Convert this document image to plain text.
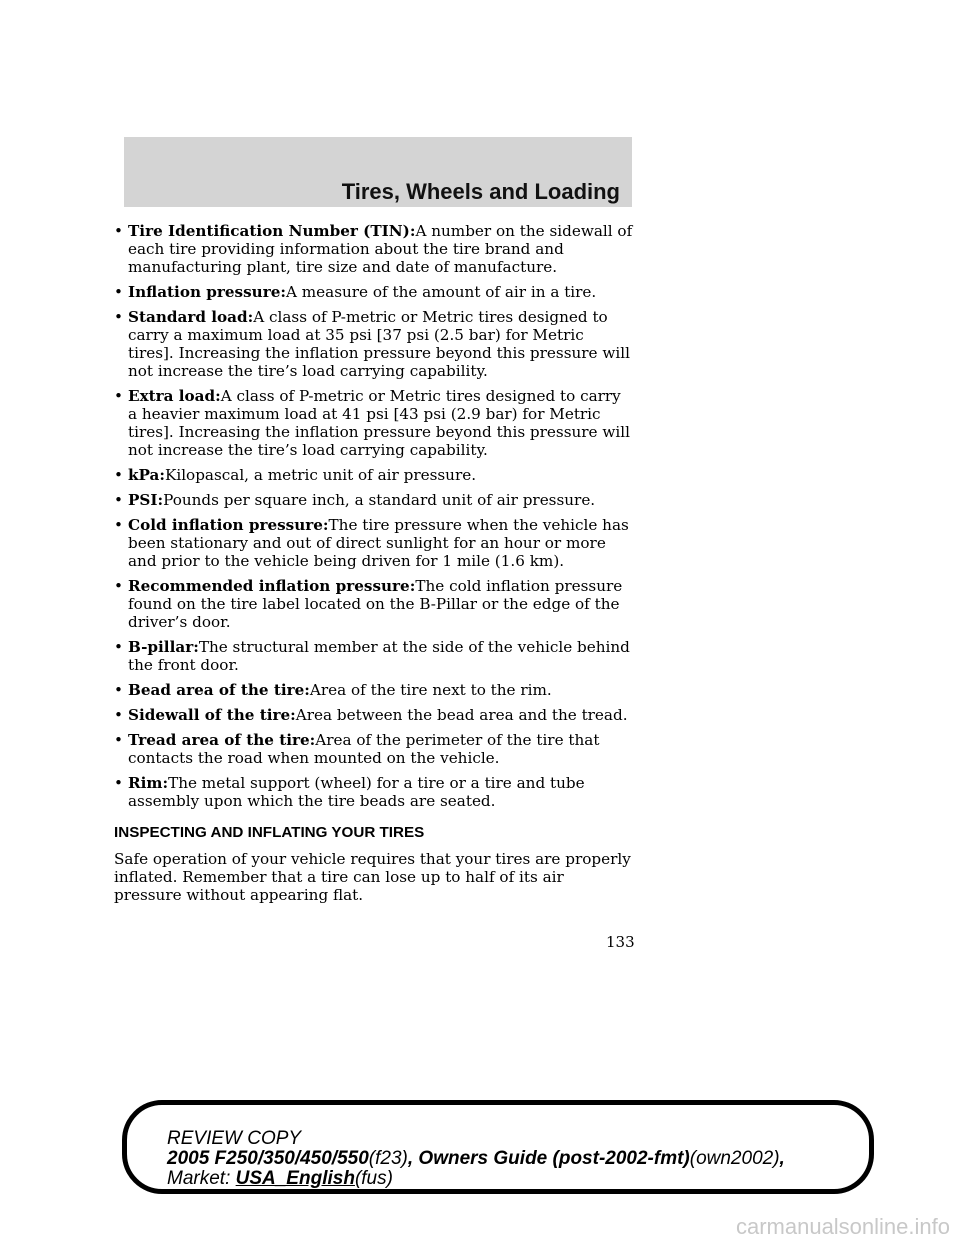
Tires, Wheels and Loading
• Tire Identification Number (TIN):A number on the sidewall of each tire providing information about the tire brand and manufacturing plant, tire size and date of manufacture.
• Inflation pressure:A measure of the amount of air in a tire.
• Standard load:A class of P-metric or Metric tires designed to carry a maximum load at 35 psi [37 psi (2.5 bar) for Metric tires]. Increasing the inflation pressure beyond this pressure will not increase the tire’s load carrying capability.
• Extra load:A class of P-metric or Metric tires designed to carry a heavier maximum load at 41 psi [43 psi (2.9 bar) for Metric tires]. Increasing the inflation pressure beyond this pressure will not increase the tire’s load carrying capability.
• kPa:Kilopascal, a metric unit of air pressure.
• PSI:Pounds per square inch, a standard unit of air pressure.
• Cold inflation pressure:The tire pressure when the vehicle has been stationary and out of direct sunlight for an hour or more and prior to the vehicle being driven for 1 mile (1.6 km).
• Recommended inflation pressure:The cold inflation pressure found on the tire label located on the B-Pillar or the edge of the driver’s door.
• B-pillar:The structural member at the side of the vehicle behind the front door.
• Bead area of the tire:Area of the tire next to the rim.
• Sidewall of the tire:Area between the bead area and the tread.
• Tread area of the tire:Area of the perimeter of the tire that contacts the road when mounted on the vehicle.
• Rim:The metal support (wheel) for a tire or a tire and tube assembly upon which the tire beads are seated.
INSPECTING AND INFLATING YOUR TIRES

Safe operation of your vehicle requires that your tires are properly inflated. Remember that a tire can lose up to half of its air pressure without appearing flat.

133
REVIEW COPY
2005 F250/350/450/550(f23), Owners Guide (post-2002-fmt)(own2002),
Market: USA_English(fus)
carmanualsonline.info
